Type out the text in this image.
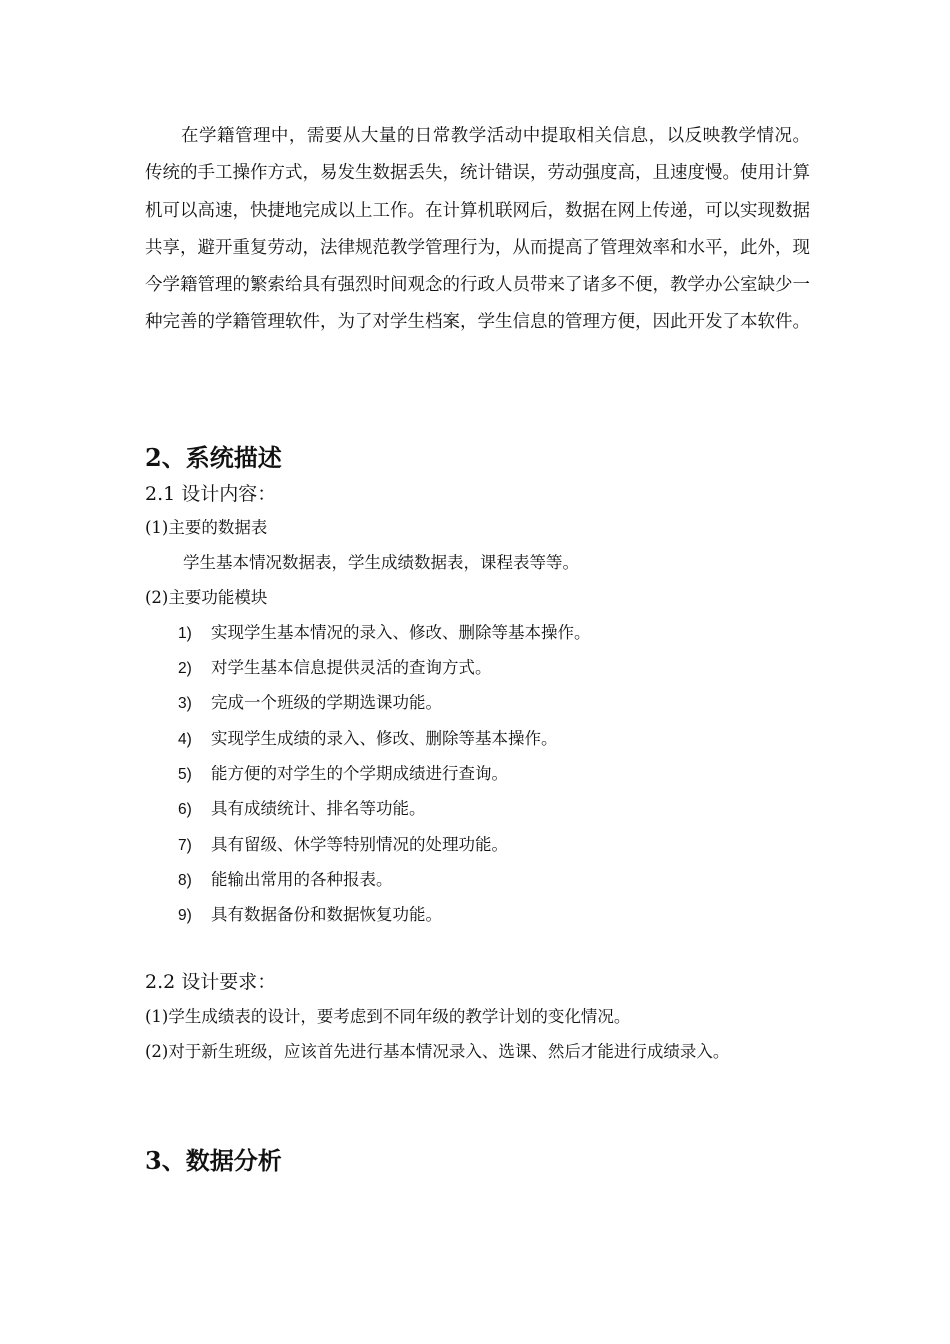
在学籍管理中，需要从大量的日常教学活动中提取相关信息，以反映教学情况。传统的手工操作方式，易发生数据丢失，统计错误，劳动强度高，且速度慢。使用计算机可以高速，快捷地完成以上工作。在计算机联网后，数据在网上传递，可以实现数据共享，避开重复劳动，法律规范教学管理行为，从而提高了管理效率和水平，此外，现今学籍管理的繁索给具有强烈时间观念的行政人员带来了诸多不便，教学办公室缺少一种完善的学籍管理软件，为了对学生档案，学生信息的管理方便，因此开发了本软件。

2、系统描述

2.1 设计内容：

(1)主要的数据表

学生基本情况数据表，学生成绩数据表，课程表等等。

(2)主要功能模块

1) 实现学生基本情况的录入、修改、删除等基本操作。

2) 对学生基本信息提供灵活的查询方式。

3) 完成一个班级的学期选课功能。

4) 实现学生成绩的录入、修改、删除等基本操作。

5) 能方便的对学生的个学期成绩进行查询。

6) 具有成绩统计、排名等功能。

7) 具有留级、休学等特别情况的处理功能。

8) 能输出常用的各种报表。

9) 具有数据备份和数据恢复功能。

2.2 设计要求：

(1)学生成绩表的设计，要考虑到不同年级的教学计划的变化情况。

(2)对于新生班级，应该首先进行基本情况录入、选课、然后才能进行成绩录入。

3、数据分析
